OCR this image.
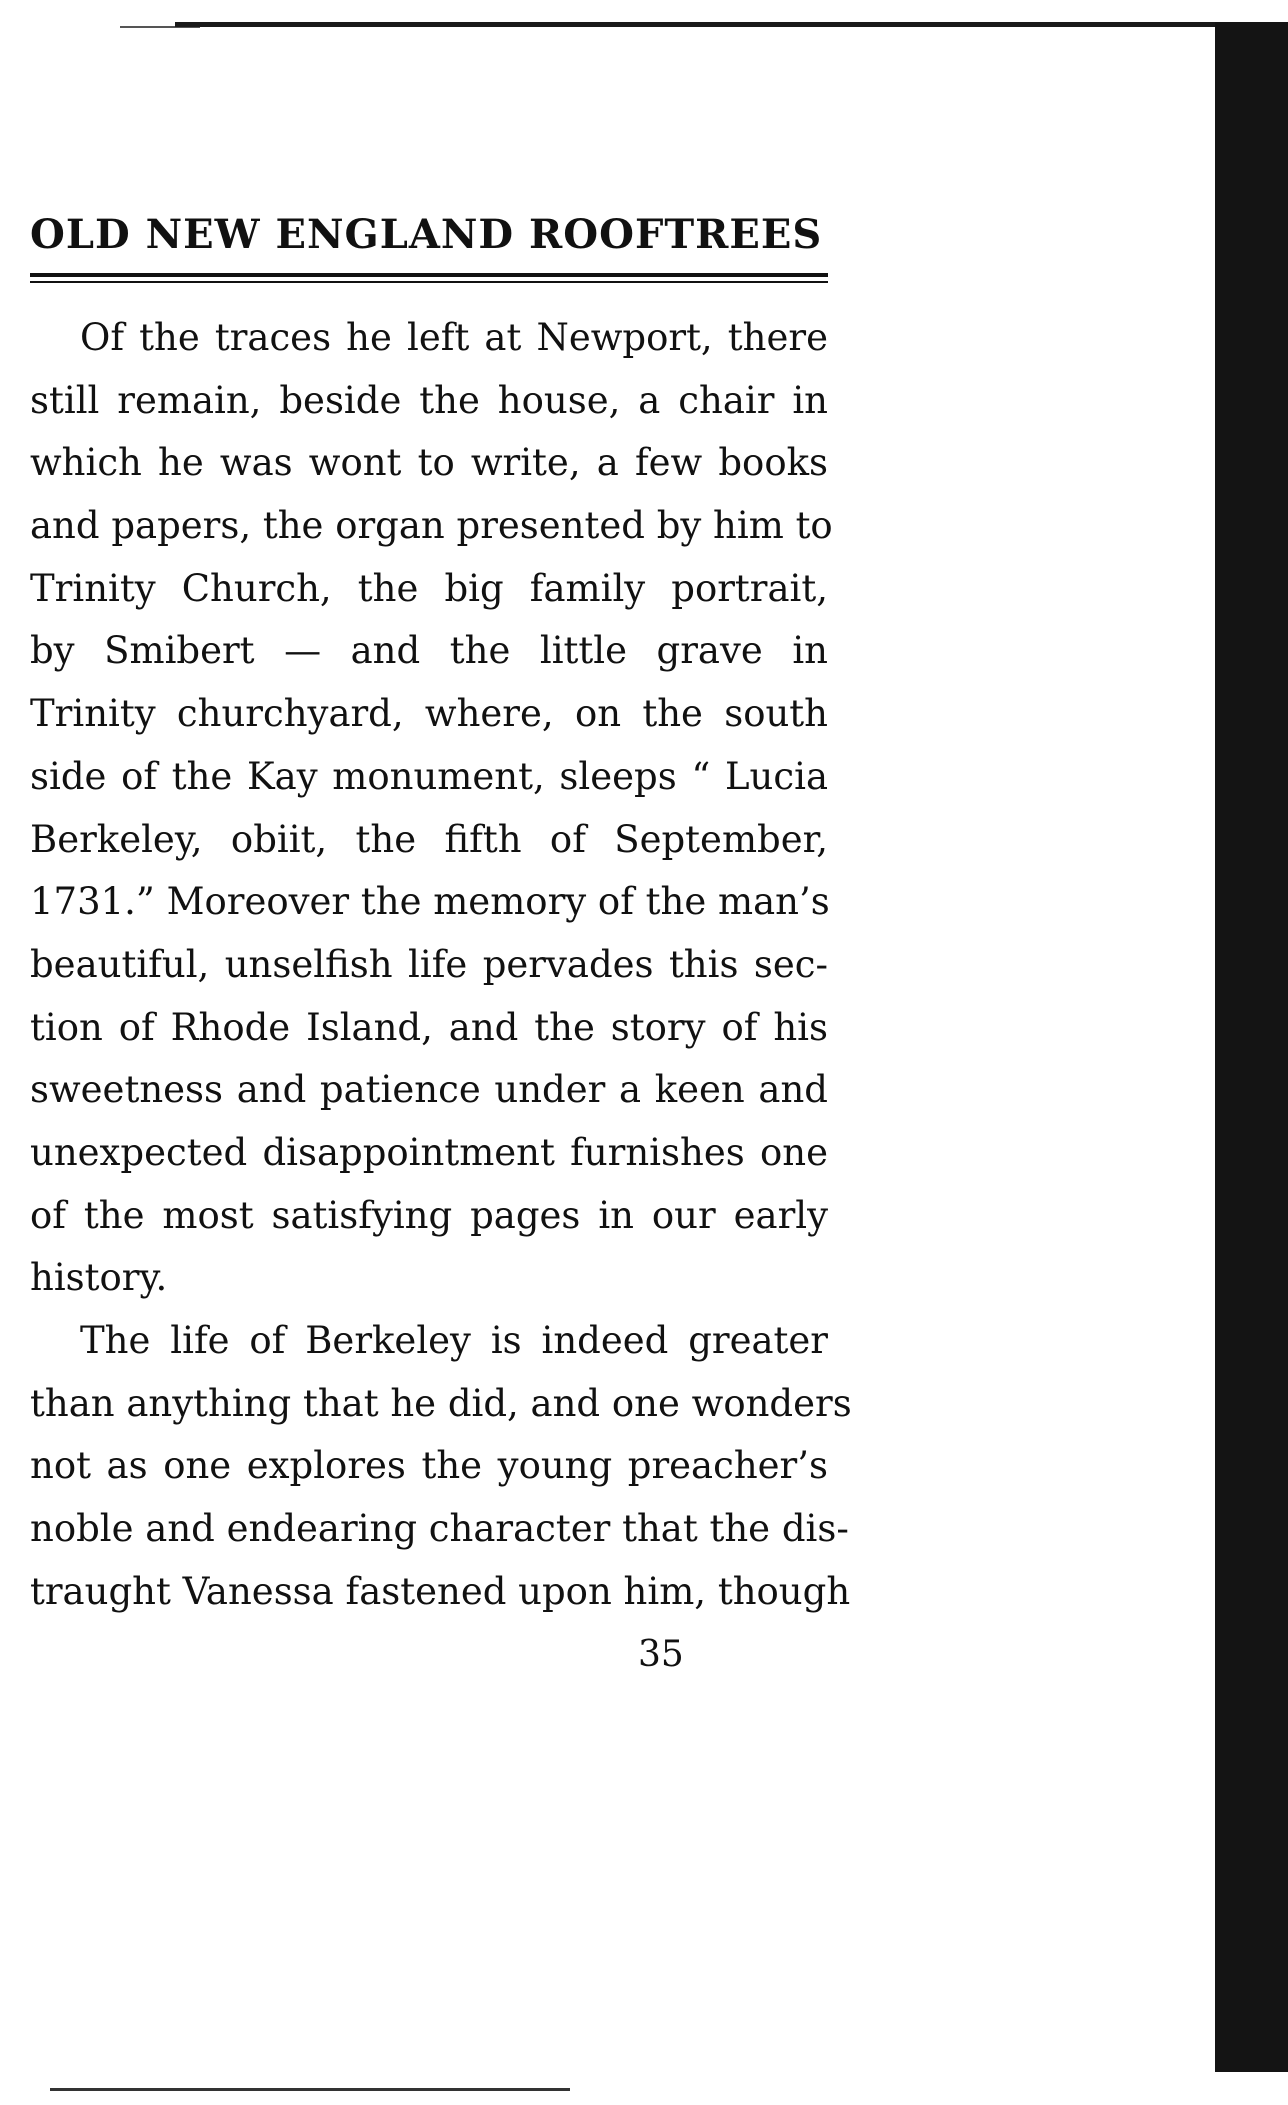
OLD NEW ENGLAND ROOFTREES
Of the traces he left at Newport, there
still remain, beside the house, a chair in
which he was wont to write, a few books
and papers, the organ presented by him to
Trinity Church, the big family portrait,
by Smibert — and the little grave in
Trinity churchyard, where, on the south
side of the Kay monument, sleeps “ Lucia
Berkeley, obiit, the fifth of September,
1731.” Moreover the memory of the man’s
beautiful, unselfish life pervades this sec-
tion of Rhode Island, and the story of his
sweetness and patience under a keen and
unexpected disappointment furnishes one
of the most satisfying pages in our early
history.
The life of Berkeley is indeed greater
than anything that he did, and one wonders
not as one explores the young preacher’s
noble and endearing character that the dis-
traught Vanessa fastened upon him, though
35
